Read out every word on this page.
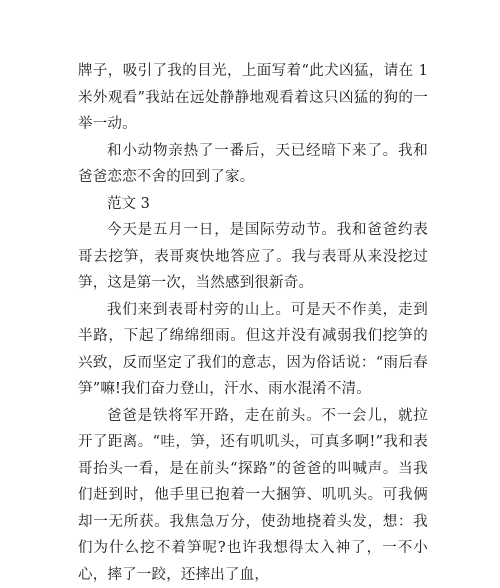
牌子，吸引了我的目光，上面写着“此犬凶猛，请在 1 米外观看”我站在远处静静地观看着这只凶猛的狗的一举一动。

和小动物亲热了一番后，天已经暗下来了。我和爸爸恋恋不舍的回到了家。

范文 3

今天是五月一日，是国际劳动节。我和爸爸约表哥去挖笋，表哥爽快地答应了。我与表哥从来没挖过笋，这是第一次，当然感到很新奇。

我们来到表哥村旁的山上。可是天不作美，走到半路，下起了绵绵细雨。但这并没有减弱我们挖笋的兴致，反而坚定了我们的意志，因为俗话说：“雨后春笋”嘛!我们奋力登山，汗水、雨水混淆不清。

爸爸是铁将军开路，走在前头。不一会儿，就拉开了距离。“哇，笋，还有叽叽头，可真多啊!”我和表哥抬头一看，是在前头“探路”的爸爸的叫喊声。当我们赶到时，他手里已抱着一大捆笋、叽叽头。可我俩却一无所获。我焦急万分，使劲地挠着头发，想：我们为什么挖不着笋呢?也许我想得太入神了，一不小心，摔了一跤，还摔出了血，
